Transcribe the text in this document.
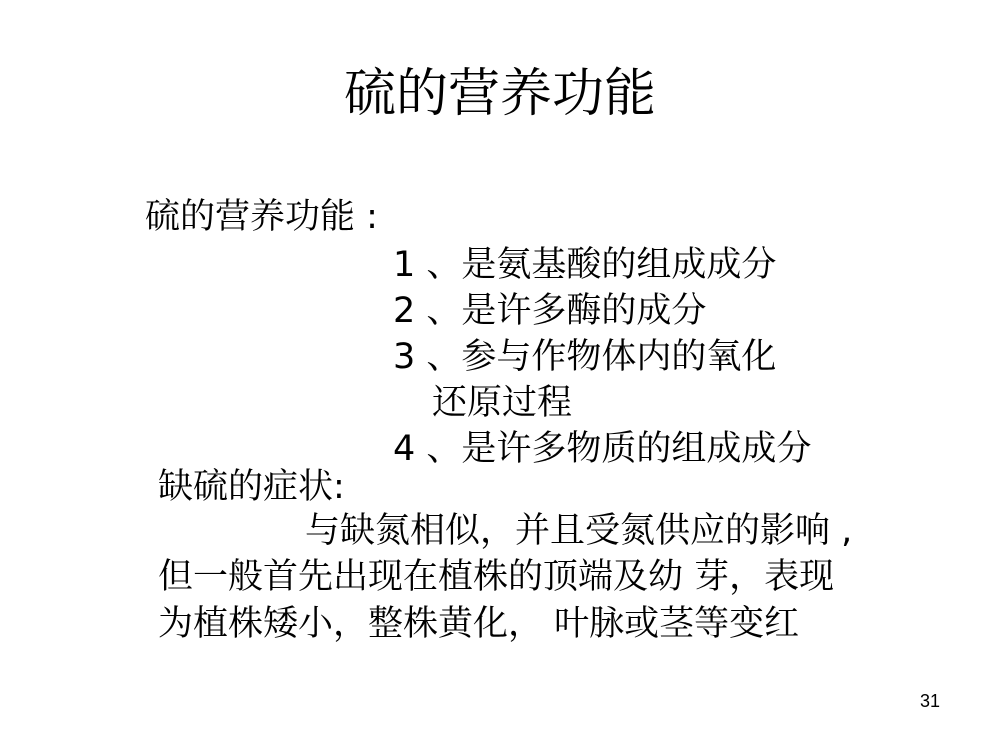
硫的营养功能
硫的营养功能 :
1 、是氨基酸的组成成分
2 、是许多酶的成分
3 、参与作物体内的氧化
还原过程
4 、是许多物质的组成成分
缺硫的症状:
与缺氮相似，并且受氮供应的影响 ,
但一般首先出现在植株的顶端及幼 芽，表现
为植株矮小，整株黄化， 叶脉或茎等变红
31
